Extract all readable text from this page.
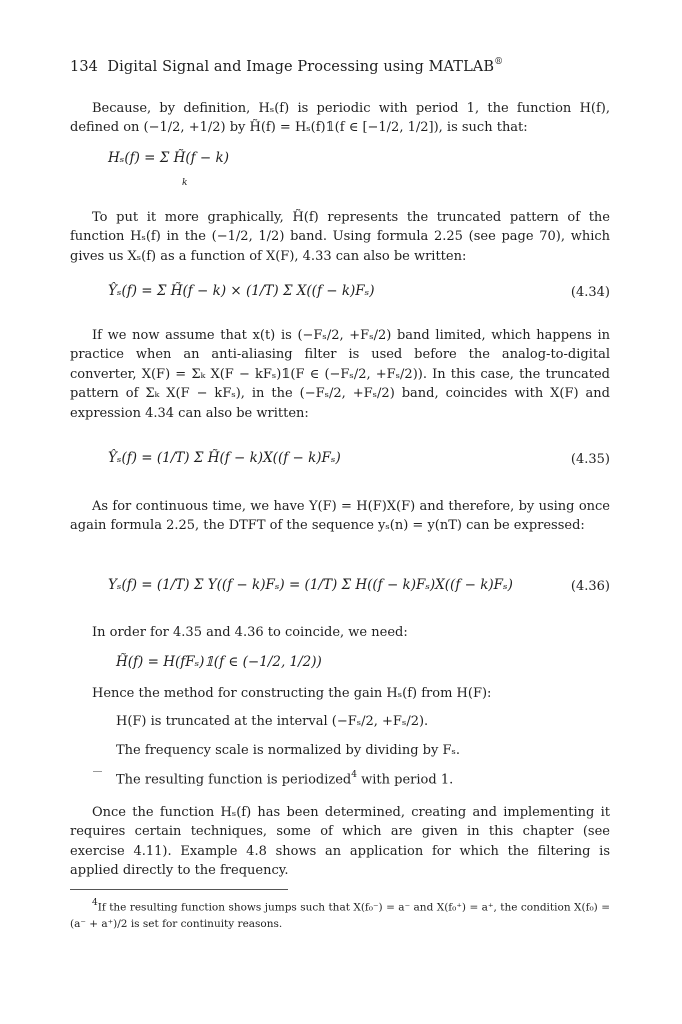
134 Digital Signal and Image Processing using MATLAB®
Because, by definition, Hₛ(f) is periodic with period 1, the function H(f), defined on (−1/2, +1/2) by H̃(f) = Hₛ(f)𝟙(f ∈ [−1/2, 1/2]), is such that:
Hₛ(f) = Σ H̃(f − k)
k
To put it more graphically, H̃(f) represents the truncated pattern of the function Hₛ(f) in the (−1/2, 1/2) band. Using formula 2.25 (see page 70), which gives us Xₛ(f) as a function of X(F), 4.33 can also be written:
Ŷₛ(f) = Σ H̃(f − k) × (1/T) Σ X((f − k)Fₛ)	(4.34)
If we now assume that x(t) is (−Fₛ/2, +Fₛ/2) band limited, which happens in practice when an anti-aliasing filter is used before the analog-to-digital converter, X(F) = Σₖ X(F − kFₛ)𝟙(F ∈ (−Fₛ/2, +Fₛ/2)). In this case, the truncated pattern of Σₖ X(F − kFₛ), in the (−Fₛ/2, +Fₛ/2) band, coincides with X(F) and expression 4.34 can also be written:
Ŷₛ(f) = (1/T) Σ H̃(f − k)X((f − k)Fₛ)	(4.35)
As for continuous time, we have Y(F) = H(F)X(F) and therefore, by using once again formula 2.25, the DTFT of the sequence yₛ(n) = y(nT) can be expressed:
Yₛ(f) = (1/T) Σ Y((f − k)Fₛ) = (1/T) Σ H((f − k)Fₛ)X((f − k)Fₛ)	(4.36)
In order for 4.35 and 4.36 to coincide, we need:
H̃(f) = H(fFₛ)𝟙(f ∈ (−1/2, 1/2))
Hence the method for constructing the gain Hₛ(f) from H(F):
H(F) is truncated at the interval (−Fₛ/2, +Fₛ/2).
The frequency scale is normalized by dividing by Fₛ.
The resulting function is periodized$^4$ with period 1.
Once the function Hₛ(f) has been determined, creating and implementing it requires certain techniques, some of which are given in this chapter (see exercise 4.11). Example 4.8 shows an application for which the filtering is applied directly to the frequency.
4If the resulting function shows jumps such that X(f₀⁻) = a⁻ and X(f₀⁺) = a⁺, the condition X(f₀) = (a⁻ + a⁺)/2 is set for continuity reasons.
